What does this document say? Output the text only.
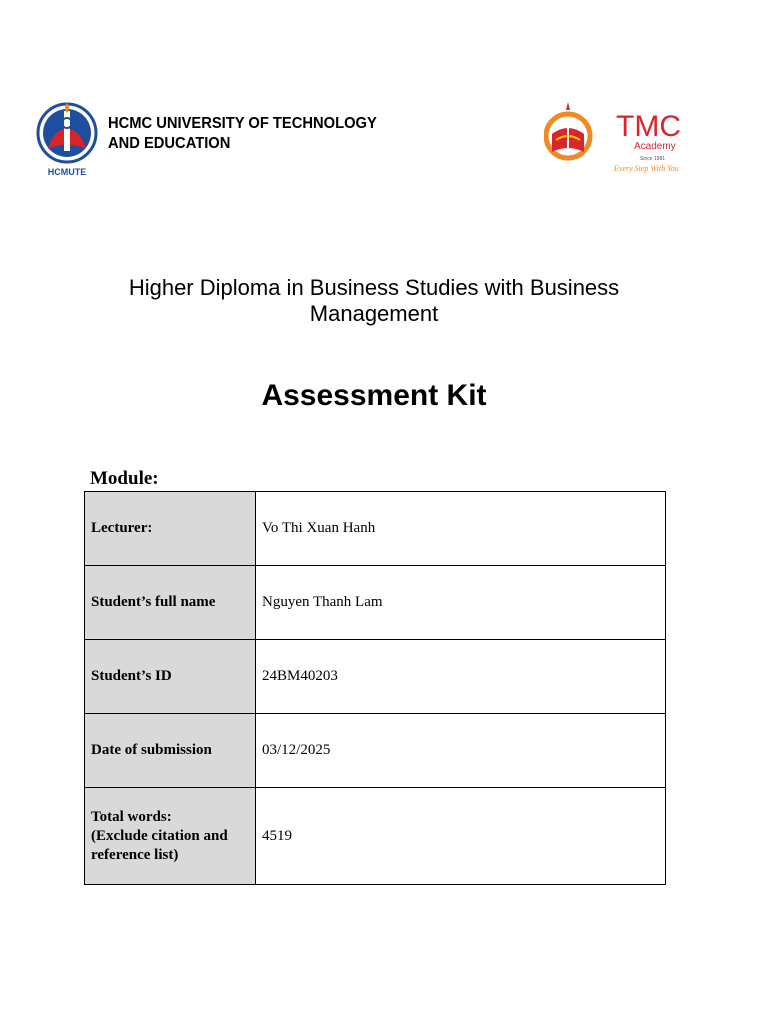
HCMUTE
HCMC UNIVERSITY OF TECHNOLOGY
AND EDUCATION
TMC
Academy
Since 1981
Every Step With You
Higher Diploma in Business Studies with Business
Management
Assessment Kit
Module:
Lecturer:	Vo Thi Xuan Hanh
Student’s full name	Nguyen Thanh Lam
Student’s ID	24BM40203
Date of submission	03/12/2025

Total words:
(Exclude citation and
reference list)	4519
